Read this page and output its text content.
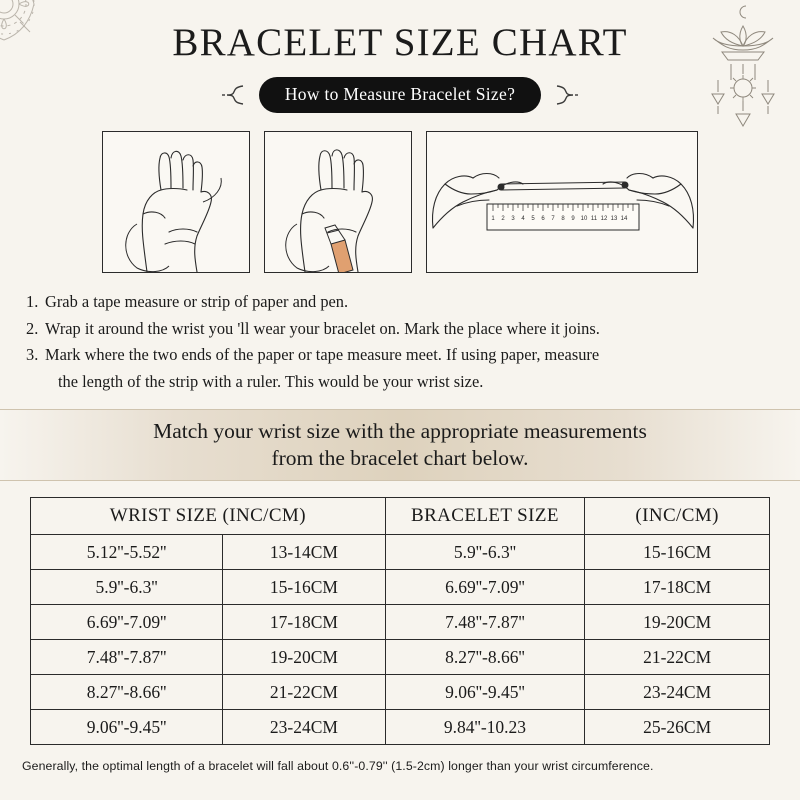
BRACELET SIZE CHART
How to Measure Bracelet Size?
1 2 3 4 5 6 7 8 9 10 11 12 13 14
1. Grab a tape measure or strip of paper and pen.
2. Wrap it around the wrist you 'll wear your bracelet on. Mark the place where it joins.
3. Mark where the two ends of the paper or tape measure meet. If using paper, measure
the length of the strip with a ruler. This would be your wrist size.
Match your wrist size with the appropriate measurements
from the bracelet chart below.
WRIST SIZE (INC/CM)		BRACELET SIZE	(INC/CM)
5.12''-5.52''	13-14CM	5.9''-6.3''	15-16CM
5.9''-6.3''	15-16CM	6.69''-7.09''	17-18CM
6.69''-7.09''	17-18CM	7.48''-7.87''	19-20CM
7.48''-7.87''	19-20CM	8.27''-8.66''	21-22CM
8.27''-8.66''	21-22CM	9.06''-9.45''	23-24CM
9.06''-9.45''	23-24CM	9.84''-10.23	25-26CM
Generally, the optimal length of a bracelet will fall about 0.6''-0.79'' (1.5-2cm) longer than your wrist circumference.
